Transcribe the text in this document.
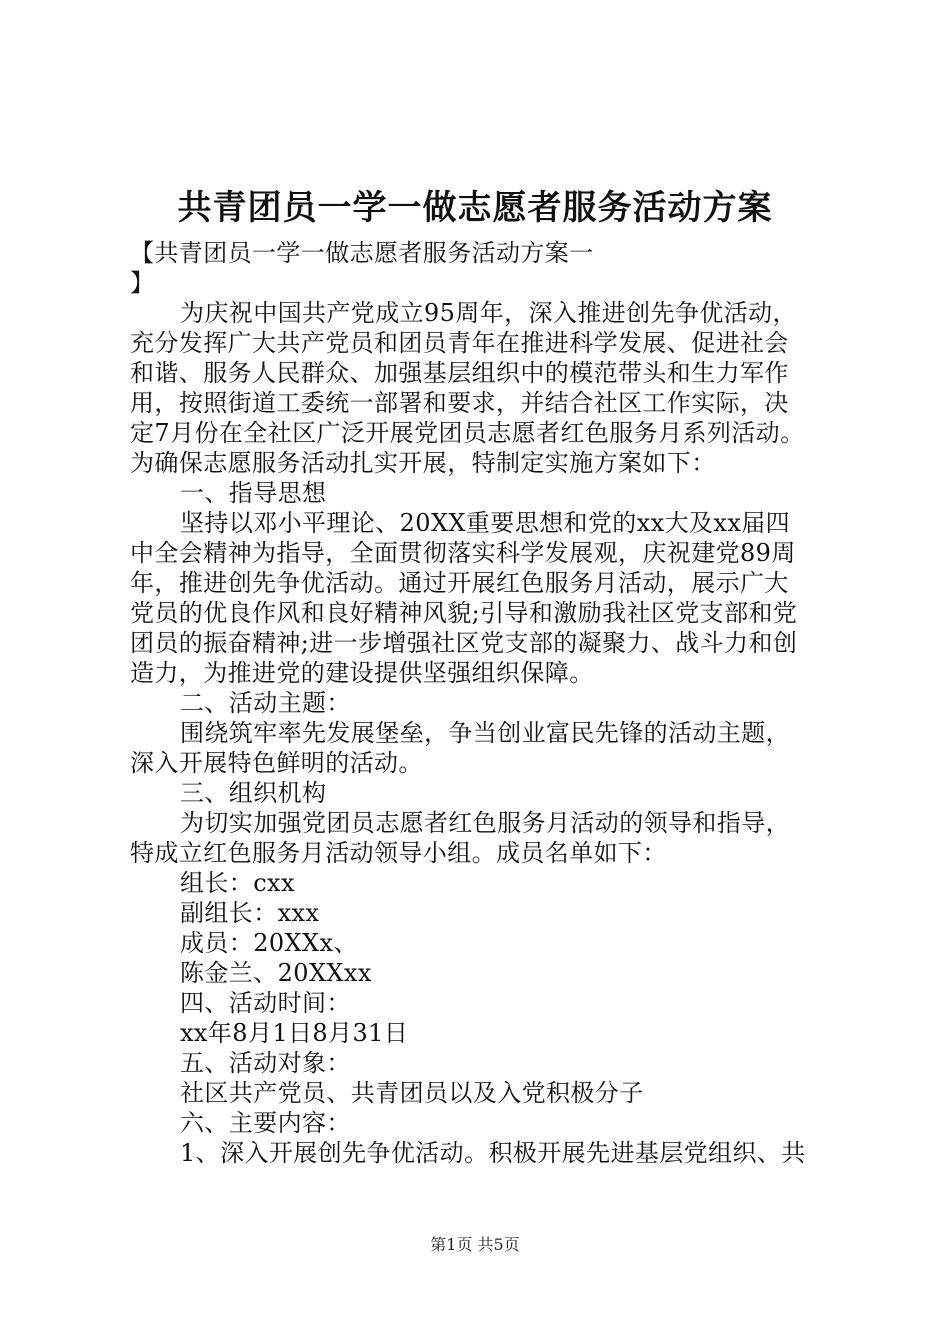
共青团员一学一做志愿者服务活动方案
【共青团员一学一做志愿者服务活动方案一
】
为庆祝中国共产党成立95周年，深入推进创先争优活动，
充分发挥广大共产党员和团员青年在推进科学发展、促进社会
和谐、服务人民群众、加强基层组织中的模范带头和生力军作
用，按照街道工委统一部署和要求，并结合社区工作实际，决
定7月份在全社区广泛开展党团员志愿者红色服务月系列活动。
为确保志愿服务活动扎实开展，特制定实施方案如下：
一、指导思想
坚持以邓小平理论、20XX重要思想和党的xx大及xx届四
中全会精神为指导，全面贯彻落实科学发展观，庆祝建党89周
年，推进创先争优活动。通过开展红色服务月活动，展示广大
党员的优良作风和良好精神风貌;引导和激励我社区党支部和党
团员的振奋精神;进一步增强社区党支部的凝聚力、战斗力和创
造力，为推进党的建设提供坚强组织保障。
二、活动主题：
围绕筑牢率先发展堡垒，争当创业富民先锋的活动主题，
深入开展特色鲜明的活动。
三、组织机构
为切实加强党团员志愿者红色服务月活动的领导和指导，
特成立红色服务月活动领导小组。成员名单如下：
组长：cxx
副组长：xxx
成员：20XXx、
陈金兰、20XXxx
四、活动时间：
xx年8月1日8月31日
五、活动对象：
社区共产党员、共青团员以及入党积极分子
六、主要内容：
1、深入开展创先争优活动。积极开展先进基层党组织、共
第1页 共5页
